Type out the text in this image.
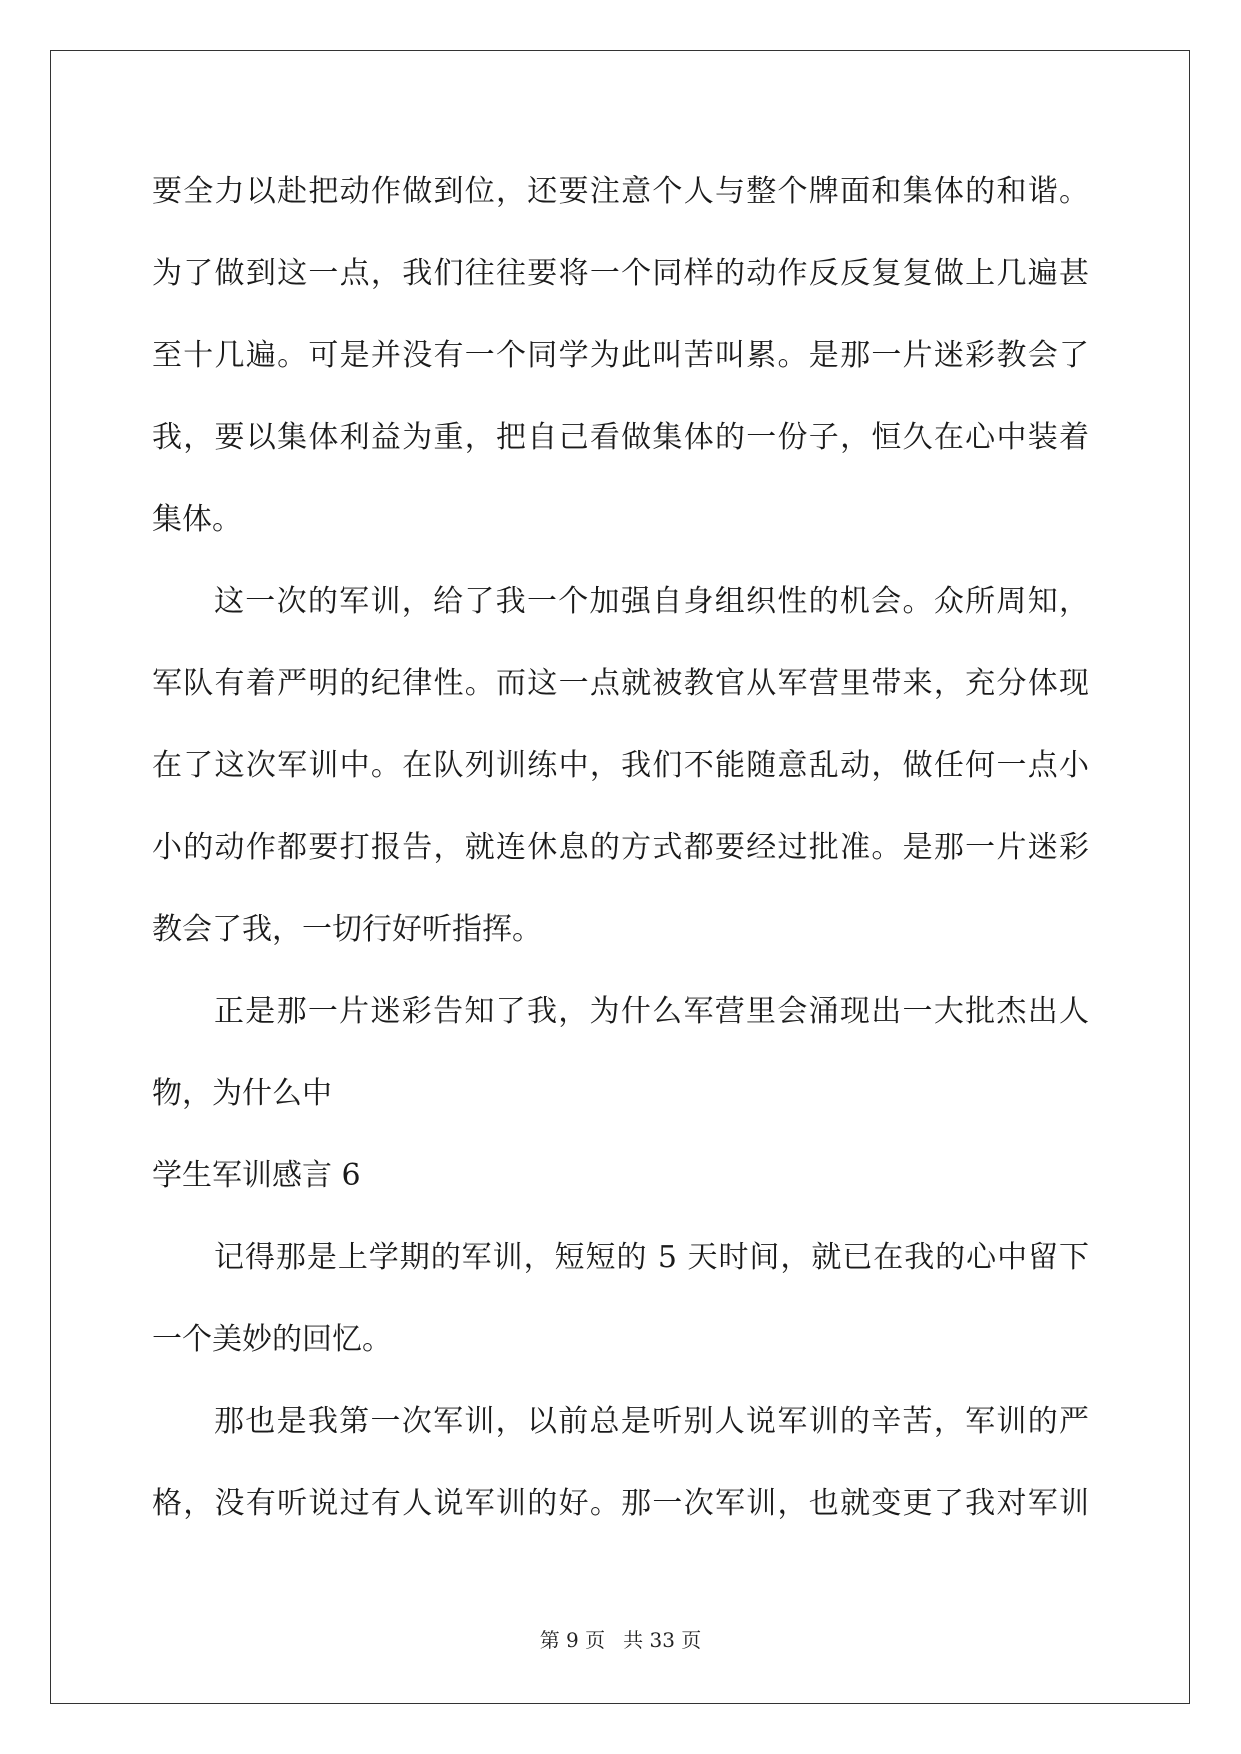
要全力以赴把动作做到位，还要注意个人与整个牌面和集体的和谐。
为了做到这一点，我们往往要将一个同样的动作反反复复做上几遍甚
至十几遍。可是并没有一个同学为此叫苦叫累。是那一片迷彩教会了
我，要以集体利益为重，把自己看做集体的一份子，恒久在心中装着
集体。
这一次的军训，给了我一个加强自身组织性的机会。众所周知，
军队有着严明的纪律性。而这一点就被教官从军营里带来，充分体现
在了这次军训中。在队列训练中，我们不能随意乱动，做任何一点小
小的动作都要打报告，就连休息的方式都要经过批准。是那一片迷彩
教会了我，一切行好听指挥。
正是那一片迷彩告知了我，为什么军营里会涌现出一大批杰出人
物，为什么中
学生军训感言 6
记得那是上学期的军训，短短的 5 天时间，就已在我的心中留下
一个美妙的回忆。
那也是我第一次军训，以前总是听别人说军训的辛苦，军训的严
格，没有听说过有人说军训的好。那一次军训，也就变更了我对军训
第 9 页 共 33 页
